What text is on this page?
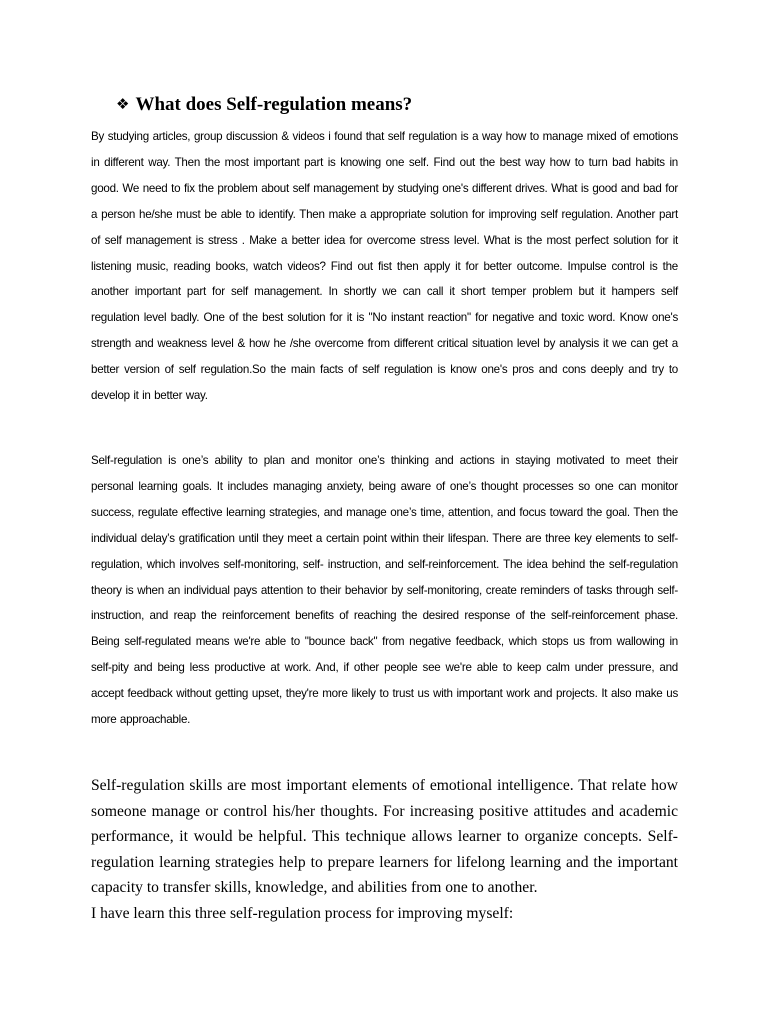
❖ What does Self-regulation means?

By studying articles, group discussion & videos i found that self regulation is a way how to manage mixed of emotions in different way. Then the most important part is knowing one self. Find out the best way how to turn bad habits in good. We need to fix the problem about self management by studying one's different drives. What is good and bad for a person he/she must be able to identify. Then make a appropriate solution for improving self regulation. Another part of self management is stress . Make a better idea for overcome stress level. What is the most perfect solution for it listening music, reading books, watch videos? Find out fist then apply it for better outcome. Impulse control is the another important part for self management. In shortly we can call it short temper problem but it hampers self regulation level badly. One of the best solution for it is "No instant reaction" for negative and toxic word. Know one's strength and weakness level & how he /she overcome from different critical situation level by analysis it we can get a better version of self regulation.So the main facts of self regulation is know one's pros and cons deeply and try to develop it in better way.

Self-regulation is one’s ability to plan and monitor one’s thinking and actions in staying motivated to meet their personal learning goals. It includes managing anxiety, being aware of one’s thought processes so one can monitor success, regulate effective learning strategies, and manage one’s time, attention, and focus toward the goal. Then the individual delay’s gratification until they meet a certain point within their lifespan. There are three key elements to self-regulation, which involves self-monitoring, self- instruction, and self-reinforcement. The idea behind the self-regulation theory is when an individual pays attention to their behavior by self-monitoring, create reminders of tasks through self-instruction, and reap the reinforcement benefits of reaching the desired response of the self-reinforcement phase. Being self-regulated means we're able to "bounce back" from negative feedback, which stops us from wallowing in self-pity and being less productive at work. And, if other people see we're able to keep calm under pressure, and accept feedback without getting upset, they're more likely to trust us with important work and projects. It also make us more approachable.

Self-regulation skills are most important elements of emotional intelligence. That relate how someone manage or control his/her thoughts. For increasing positive attitudes and academic performance, it would be helpful. This technique allows learner to organize concepts. Self-regulation learning strategies help to prepare learners for lifelong learning and the important capacity to transfer skills, knowledge, and abilities from one to another.

I have learn this three self-regulation process for improving myself:
